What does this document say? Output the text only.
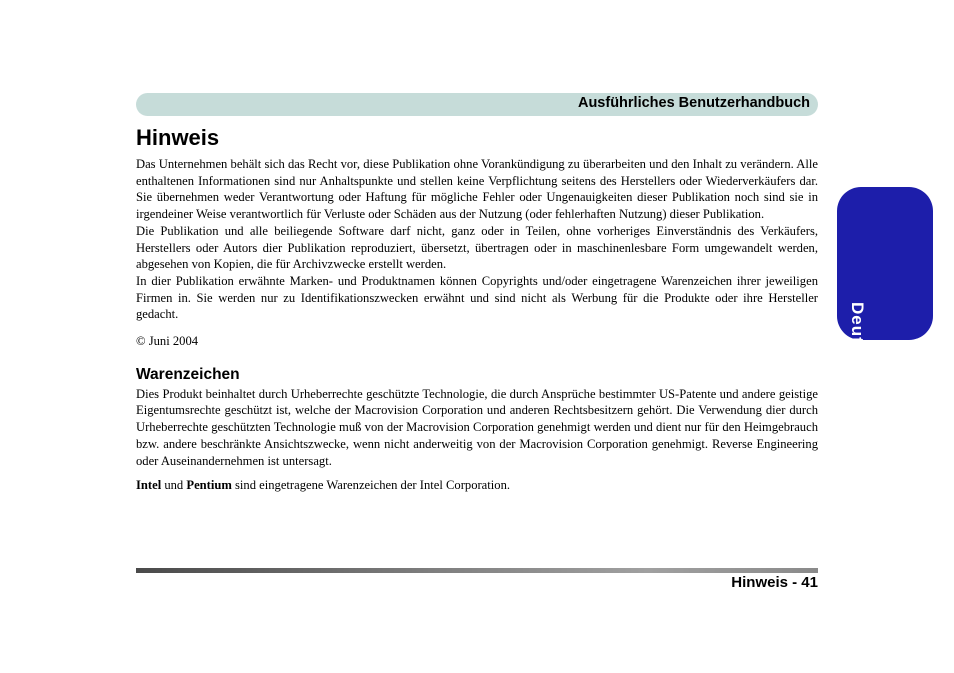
Ausführliches Benutzerhandbuch
Deutsch
Hinweis

Das Unternehmen behält sich das Recht vor, diese Publikation ohne Vorankündigung zu überarbeiten und den Inhalt zu verändern. Alle enthaltenen Informationen sind nur Anhaltspunkte und stellen keine Verpflichtung seitens des Herstellers oder Wiederverkäufers dar. Sie übernehmen weder Verantwortung oder Haftung für mögliche Fehler oder Ungenauigkeiten dieser Publikation noch sind sie in irgendeiner Weise verantwortlich für Verluste oder Schäden aus der Nutzung (oder fehlerhaften Nutzung) dieser Publikation.

Die Publikation und alle beiliegende Software darf nicht, ganz oder in Teilen, ohne vorheriges Einverständnis des Verkäufers, Herstellers oder Autors dier Publikation reproduziert, übersetzt, übertragen oder in maschinenlesbare Form umgewandelt werden, abgesehen von Kopien, die für Archivzwecke erstellt werden.

In dier Publikation erwähnte Marken- und Produktnamen können Copyrights und/oder eingetragene Warenzeichen ihrer jeweiligen Firmen in. Sie werden nur zu Identifikationszwecken erwähnt und sind nicht als Werbung für die Produkte oder ihre Hersteller gedacht.

© Juni 2004

Warenzeichen

Dies Produkt beinhaltet durch Urheberrechte geschützte Technologie, die durch Ansprüche bestimmter US-Patente und andere geistige Eigentumsrechte geschützt ist, welche der Macrovision Corporation und anderen Rechtsbesitzern gehört. Die Verwendung dier durch Urheberrechte geschützten Technologie muß von der Macrovision Corporation genehmigt werden und dient nur für den Heimgebrauch bzw. andere beschränkte Ansichtszwecke, wenn nicht anderweitig von der Macrovision Corporation genehmigt. Reverse Engineering oder Auseinandernehmen ist untersagt.

Intel und Pentium sind eingetragene Warenzeichen der Intel Corporation.

Hinweis - 41
